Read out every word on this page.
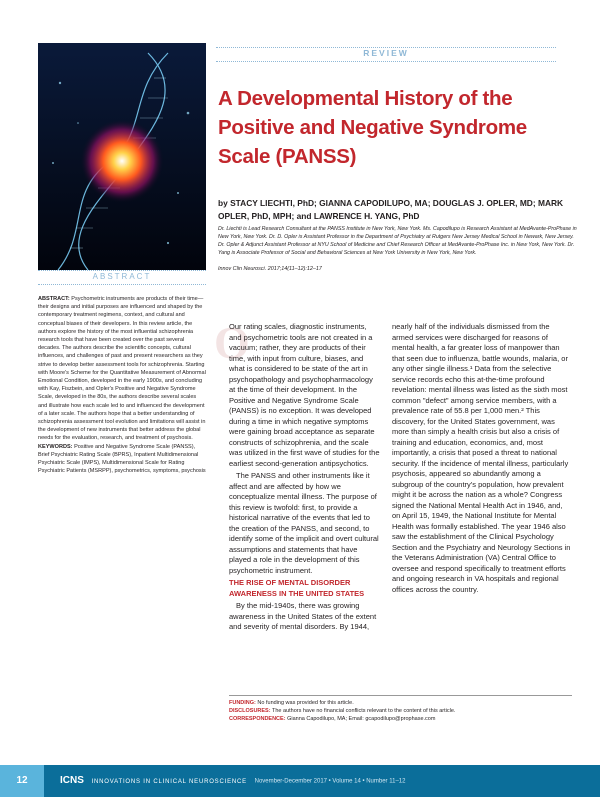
REVIEW
A Developmental History of the Positive and Negative Syndrome Scale (PANSS)
by STACY LIECHTI, PhD; GIANNA CAPODILUPO, MA; DOUGLAS J. OPLER, MD; MARK OPLER, PhD, MPH; and LAWRENCE H. YANG, PhD
Dr. Liechti is Lead Research Consultant at the PANSS Institute in New York, New York. Ms. Capodilupo is Research Assistant at MedAvante-ProPhase in New York, New York. Dr. D. Opler is Assistant Professor in the Department of Psychiatry at Rutgers New Jersey Medical School in Newark, New Jersey. Dr. Opler & Adjunct Assistant Professor at NYU School of Medicine and Chief Research Officer at MedAvante-ProPhase Inc. in New York, New York. Dr. Yang is Associate Professor of Social and Behavioral Sciences at New York University in New York, New York.
Innov Clin Neurosci. 2017;14(11–12):12–17
ABSTRACT
ABSTRACT: Psychometric instruments are products of their time—their designs and initial purposes are influenced and shaped by the contemporary treatment regimens, context, and cultural and conceptual biases of their developers. In this review article, the authors explore the history of the most influential schizophrenia research tools that have been created over the past several decades. The authors describe the scientific concepts, cultural influences, and challenges of past and present researchers as they strive to develop better assessment tools for schizophrenia. Starting with Moore's Scheme for the Quantitative Measurement of Abnormal Emotional Condition, developed in the early 1900s, and concluding with Kay, Fiszbein, and Opler's Positive and Negative Syndrome Scale, developed in the 80s, the authors describe several scales and illustrate how each scale led to and influenced the development of a later scale. The authors hope that a better understanding of schizophrenia assessment tool evolution and limitations will assist in the development of new instruments that better address the global needs for the evaluation, research, and treatment of psychosis. KEYWORDS: Positive and Negative Syndrome Scale (PANSS), Brief Psychiatric Rating Scale (BPRS), Inpatient Multidimensional Psychiatric Scale (IMPS), Multidimensional Scale for Rating Psychiatric Patients (MSRPP), psychometrics, symptoms, psychosis
O

Our rating scales, diagnostic instruments, and psychometric tools are not created in a vacuum; rather, they are products of their time, with input from culture, biases, and what is considered to be state of the art in psychopathology and psychopharmacology at the time of their development. In the Positive and Negative Syndrome Scale (PANSS) is no exception. It was developed during a time in which negative symptoms were gaining broad acceptance as separate constructs of schizophrenia, and the scale was utilized in the first wave of studies for the earliest second-generation antipsychotics.

The PANSS and other instruments like it affect and are affected by how we conceptualize mental illness. The purpose of this review is twofold: first, to provide a historical narrative of the events that led to the creation of the PANSS, and second, to identify some of the implicit and overt cultural assumptions and statements that have played a role in the development of this psychometric instrument.

THE RISE OF MENTAL DISORDER AWARENESS IN THE UNITED STATES

By the mid-1940s, there was growing awareness in the United States of the extent and severity of mental disorders. By 1944,

nearly half of the individuals dismissed from the armed services were discharged for reasons of mental health, a far greater loss of manpower than that seen due to influenza, battle wounds, malaria, or any other single illness.¹ Data from the selective service records echo this at-the-time profound revelation: mental illness was listed as the sixth most common "defect" among service members, with a prevalence rate of 55.8 per 1,000 men.² This discovery, for the United States government, was more than simply a health crisis but also a crisis of training and education, economics, and, most importantly, a crisis that posed a threat to national security. If the incidence of mental illness, particularly psychosis, appeared so abundantly among a subgroup of the country's population, how prevalent might it be across the nation as a whole? Congress signed the National Mental Health Act in 1946, and, on April 15, 1949, the National Institute for Mental Health was formally established. The year 1946 also saw the establishment of the Clinical Psychology Section and the Psychiatry and Neurology Sections in the Veterans Administration (VA) Central Office to oversee and respond specifically to treatment efforts and ongoing research in VA hospitals and regional offices across the country.

FUNDING: No funding was provided for this article.
DISCLOSURES: The authors have no financial conflicts relevant to the content of this article.
CORRESPONDENCE: Gianna Capodilupo, MA; Email: gcapodilupo@prophase.com
12	ICNS INNOVATIONS IN CLINICAL NEUROSCIENCE November-December 2017 • Volume 14 • Number 11–12
